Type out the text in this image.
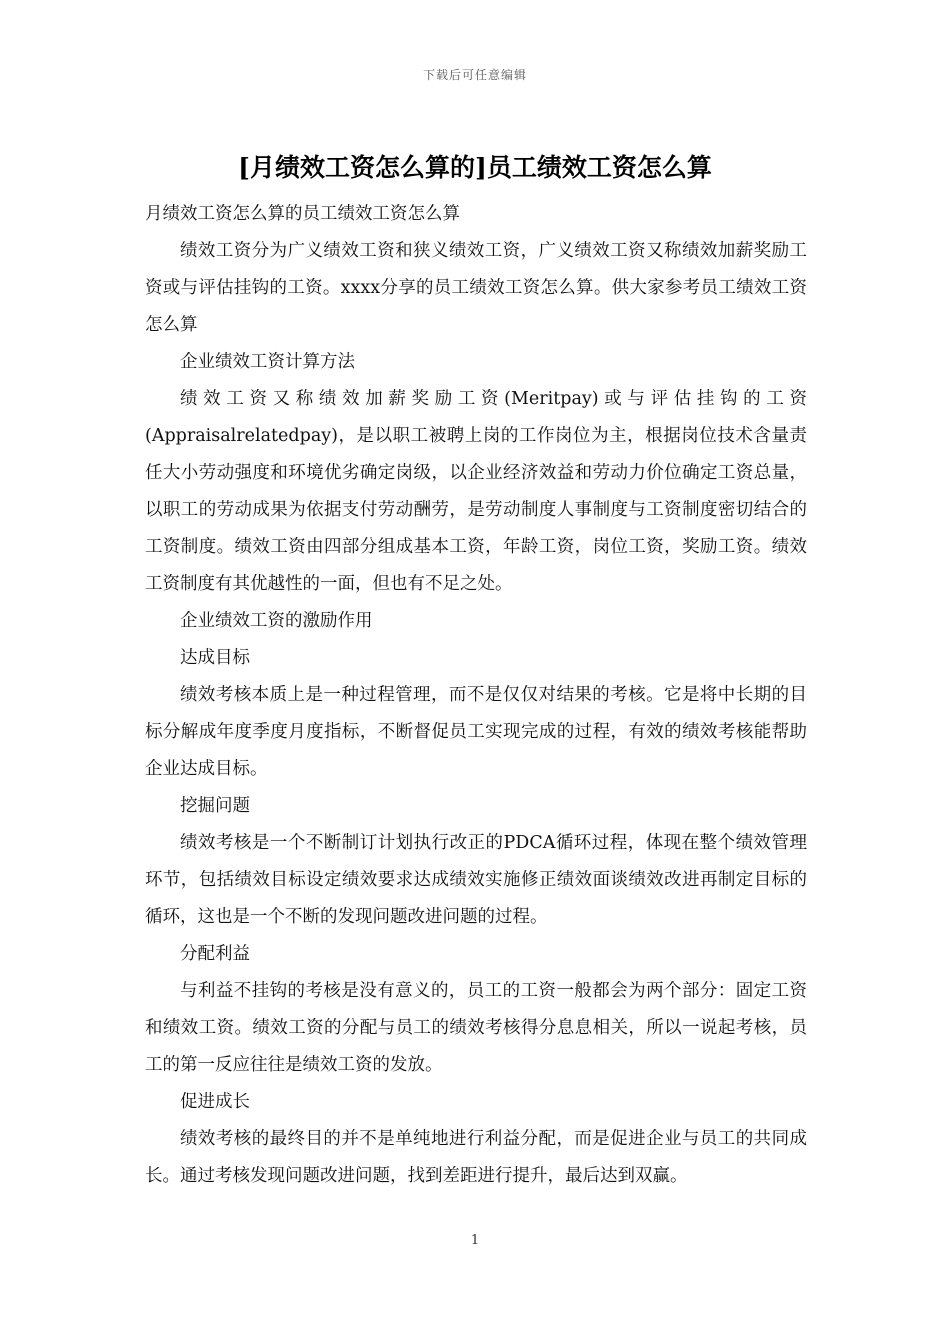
下载后可任意编辑
[月绩效工资怎么算的]员工绩效工资怎么算

月绩效工资怎么算的员工绩效工资怎么算

绩效工资分为广义绩效工资和狭义绩效工资，广义绩效工资又称绩效加薪奖励工资或与评估挂钩的工资。xxxx分享的员工绩效工资怎么算。供大家参考员工绩效工资怎么算

企业绩效工资计算方法

绩效工资又称绩效加薪奖励工资(Meritpay)或与评估挂钩的工资(Appraisalrelatedpay)，是以职工被聘上岗的工作岗位为主，根据岗位技术含量责任大小劳动强度和环境优劣确定岗级，以企业经济效益和劳动力价位确定工资总量，以职工的劳动成果为依据支付劳动酬劳，是劳动制度人事制度与工资制度密切结合的工资制度。绩效工资由四部分组成基本工资，年龄工资，岗位工资，奖励工资。绩效工资制度有其优越性的一面，但也有不足之处。

企业绩效工资的激励作用

达成目标

绩效考核本质上是一种过程管理，而不是仅仅对结果的考核。它是将中长期的目标分解成年度季度月度指标，不断督促员工实现完成的过程，有效的绩效考核能帮助企业达成目标。

挖掘问题

绩效考核是一个不断制订计划执行改正的PDCA循环过程，体现在整个绩效管理环节，包括绩效目标设定绩效要求达成绩效实施修正绩效面谈绩效改进再制定目标的循环，这也是一个不断的发现问题改进问题的过程。

分配利益

与利益不挂钩的考核是没有意义的，员工的工资一般都会为两个部分：固定工资和绩效工资。绩效工资的分配与员工的绩效考核得分息息相关，所以一说起考核，员工的第一反应往往是绩效工资的发放。

促进成长

绩效考核的最终目的并不是单纯地进行利益分配，而是促进企业与员工的共同成长。通过考核发现问题改进问题，找到差距进行提升，最后达到双赢。

1
